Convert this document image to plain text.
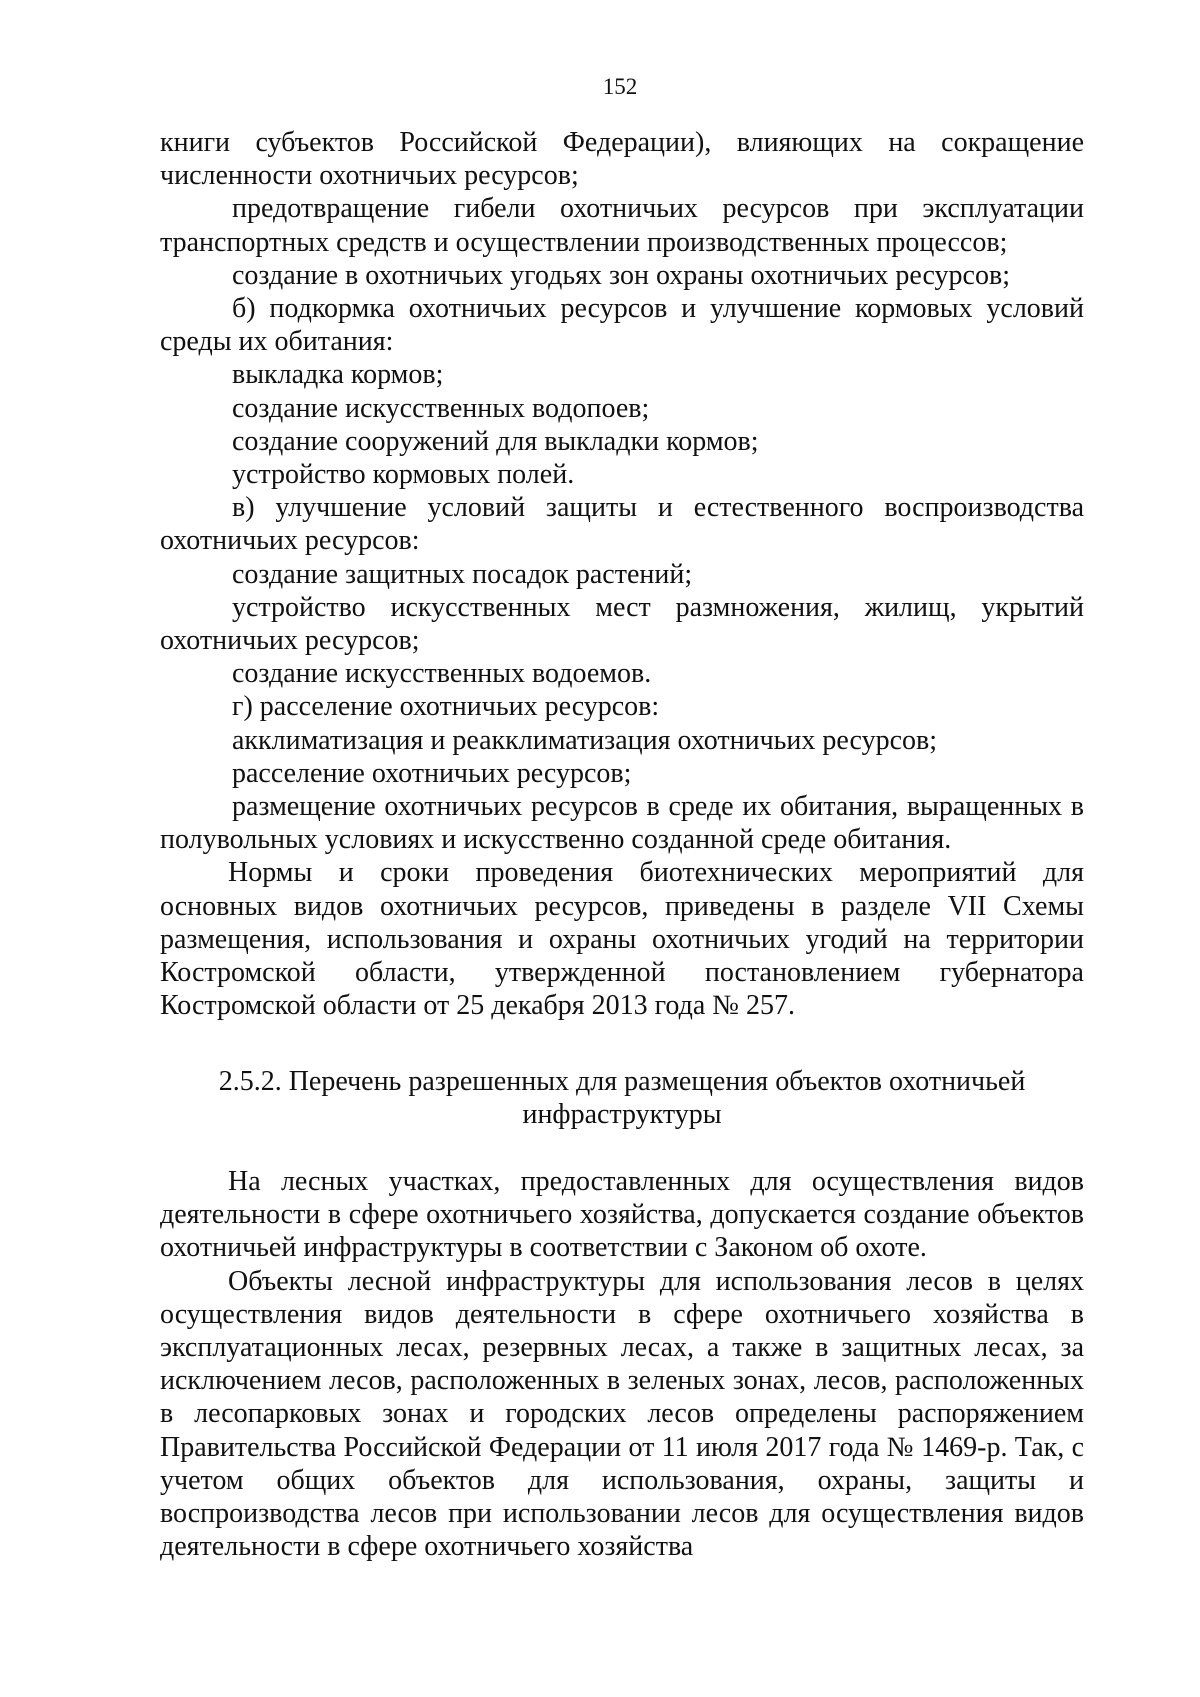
152

книги субъектов Российской Федерации), влияющих на сокращение численности охотничьих ресурсов;

предотвращение гибели охотничьих ресурсов при эксплуатации транспортных средств и осуществлении производственных процессов;

создание в охотничьих угодьях зон охраны охотничьих ресурсов;

б) подкормка охотничьих ресурсов и улучшение кормовых условий среды их обитания:

выкладка кормов;

создание искусственных водопоев;

создание сооружений для выкладки кормов;

устройство кормовых полей.

в) улучшение условий защиты и естественного воспроизводства охотничьих ресурсов:

создание защитных посадок растений;

устройство искусственных мест размножения, жилищ, укрытий охотничьих ресурсов;

создание искусственных водоемов.

г) расселение охотничьих ресурсов:

акклиматизация и реакклиматизация охотничьих ресурсов;

расселение охотничьих ресурсов;

размещение охотничьих ресурсов в среде их обитания, выращенных в полувольных условиях и искусственно созданной среде обитания.

Нормы и сроки проведения биотехнических мероприятий для основных видов охотничьих ресурсов, приведены в разделе VII Схемы размещения, использования и охраны охотничьих угодий на территории Костромской области, утвержденной постановлением губернатора Костромской области от 25 декабря 2013 года № 257.

2.5.2. Перечень разрешенных для размещения объектов охотничьей
инфраструктуры

На лесных участках, предоставленных для осуществления видов деятельности в сфере охотничьего хозяйства, допускается создание объектов охотничьей инфраструктуры в соответствии с Законом об охоте.

Объекты лесной инфраструктуры для использования лесов в целях осуществления видов деятельности в сфере охотничьего хозяйства в эксплуатационных лесах, резервных лесах, а также в защитных лесах, за исключением лесов, расположенных в зеленых зонах, лесов, расположенных в лесопарковых зонах и городских лесов определены распоряжением Правительства Российской Федерации от 11 июля 2017 года № 1469-р. Так, с учетом общих объектов для использования, охраны, защиты и воспроизводства лесов при использовании лесов для осуществления видов деятельности в сфере охотничьего хозяйства
